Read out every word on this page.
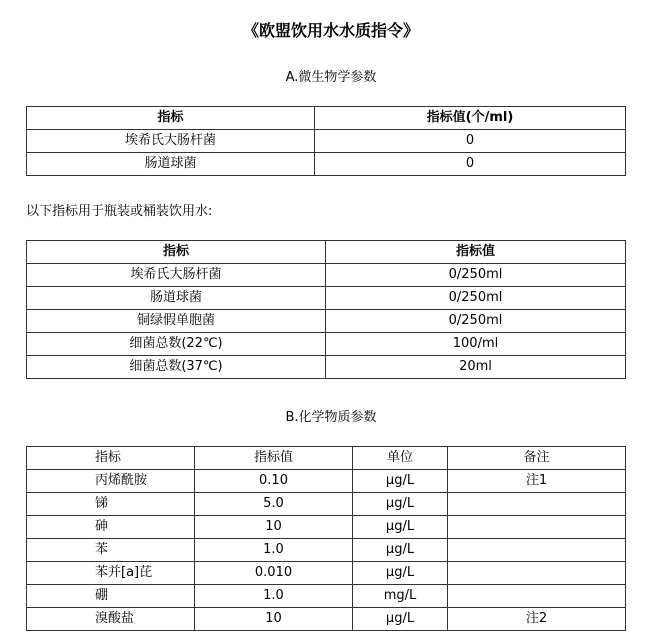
《欧盟饮用水水质指令》
A.微生物学参数
指标	指标值(个/ml)
埃希氏大肠杆菌	0
肠道球菌	0
以下指标用于瓶装或桶装饮用水:
指标	指标值
埃希氏大肠杆菌	0/250ml
肠道球菌	0/250ml
铜绿假单胞菌	0/250ml
细菌总数(22℃)	100/ml
细菌总数(37℃)	20ml
B.化学物质参数
指标	指标值	单位	备注
丙烯酰胺	0.10	μg/L	注1
锑	5.0	μg/L	
砷	10	μg/L	
苯	1.0	μg/L	
苯并[a]芘	0.010	μg/L	
硼	1.0	mg/L	
溴酸盐	10	μg/L	注2
